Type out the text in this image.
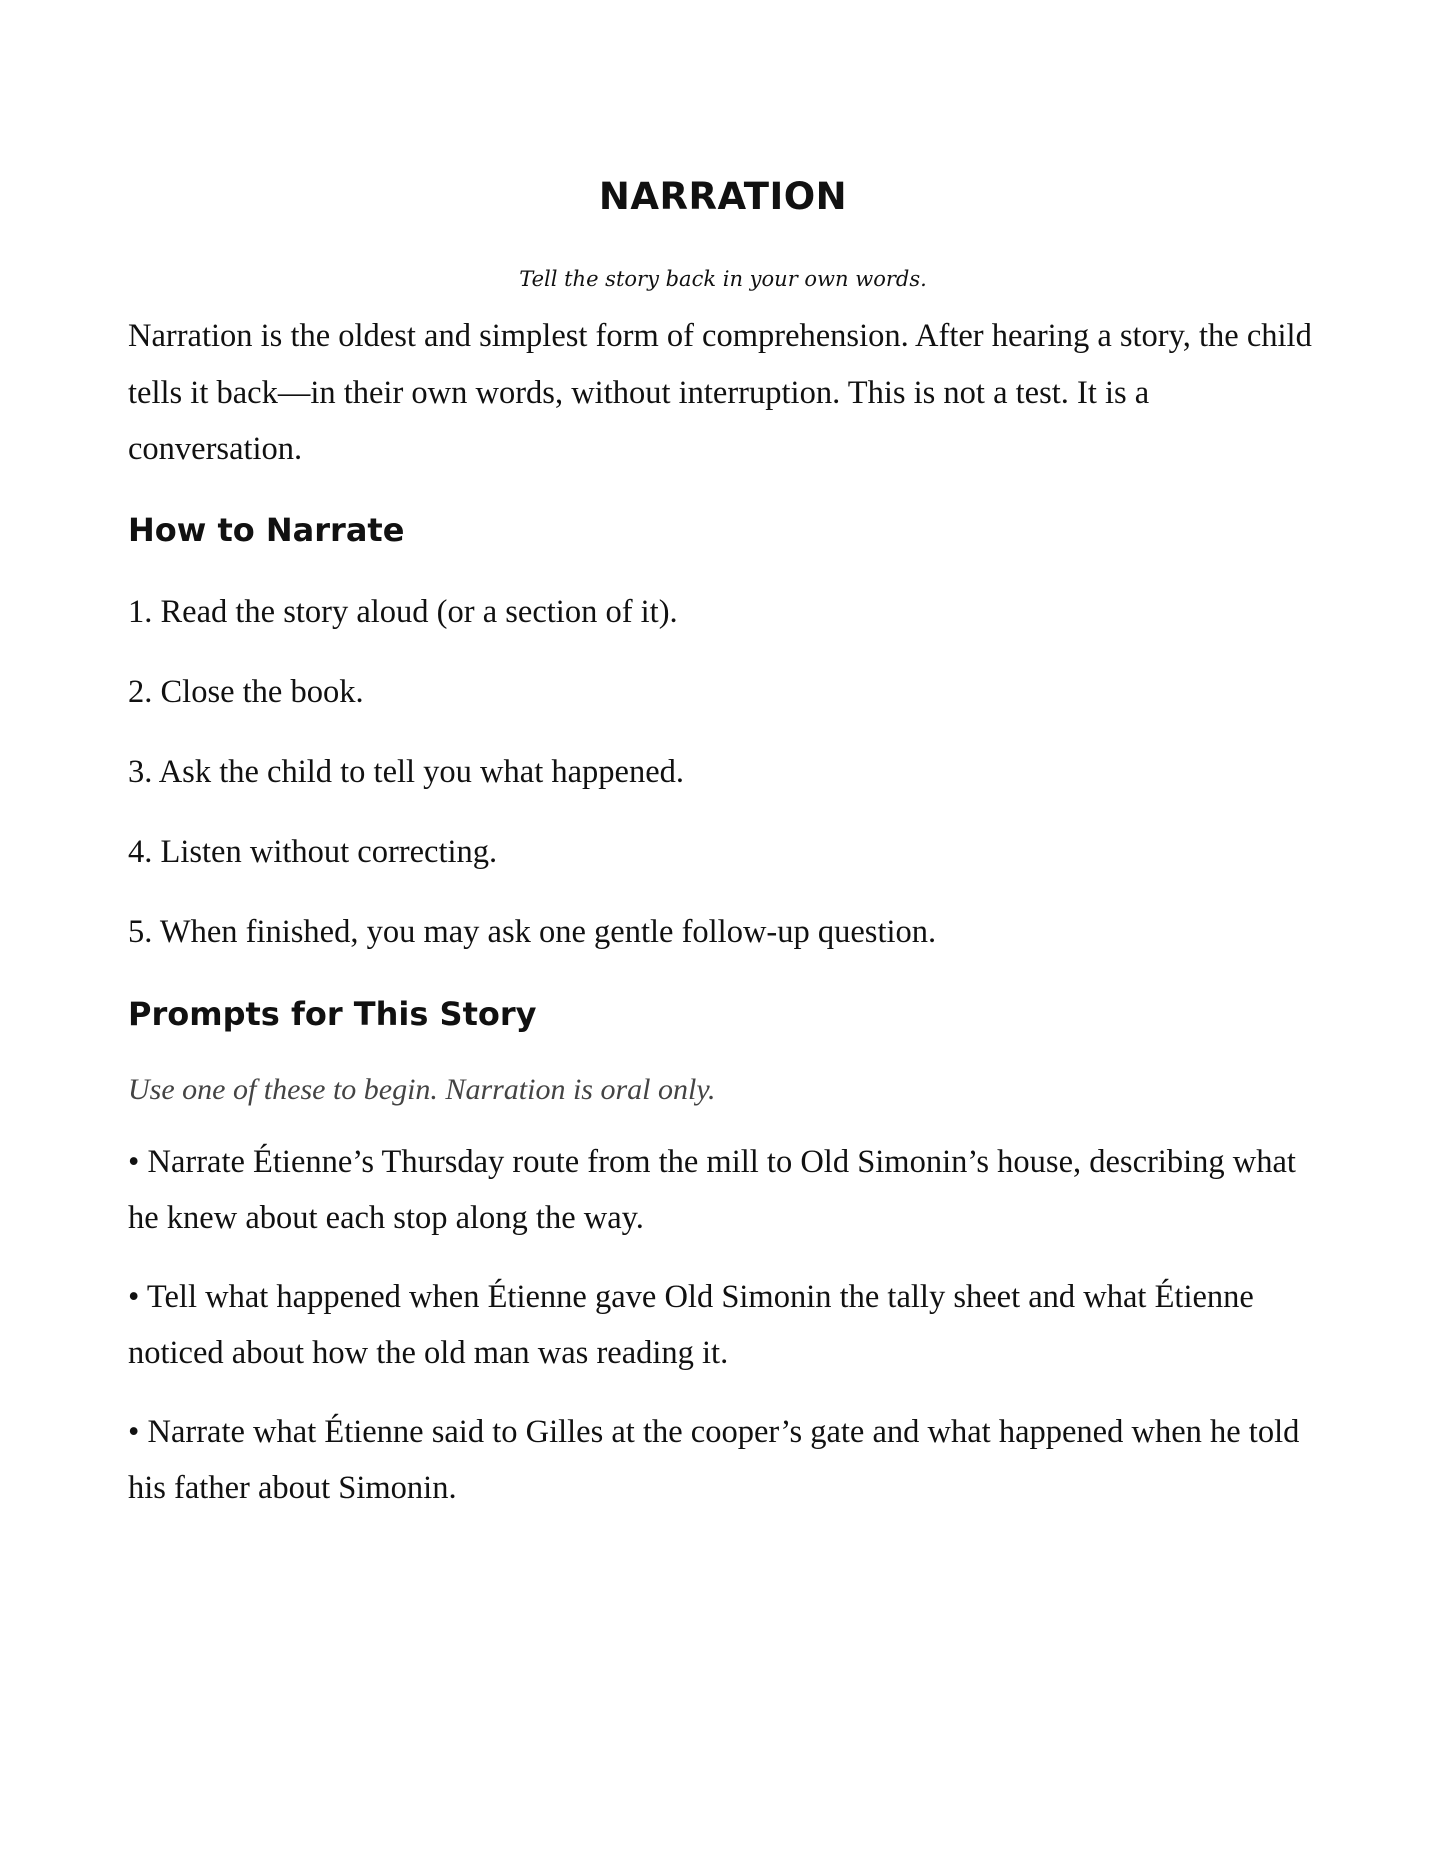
NARRATION
Tell the story back in your own words.

Narration is the oldest and simplest form of comprehension. After hearing a story, the child tells it back—in their own words, without interruption. This is not a test. It is a conversation.

How to Narrate
1. Read the story aloud (or a section of it).
2. Close the book.
3. Ask the child to tell you what happened.
4. Listen without correcting.
5. When finished, you may ask one gentle follow-up question.
Prompts for This Story
Use one of these to begin. Narration is oral only.

• Narrate Étienne’s Thursday route from the mill to Old Simonin’s house, describing what he knew about each stop along the way.

• Tell what happened when Étienne gave Old Simonin the tally sheet and what Étienne noticed about how the old man was reading it.

• Narrate what Étienne said to Gilles at the cooper’s gate and what happened when he told his father about Simonin.
